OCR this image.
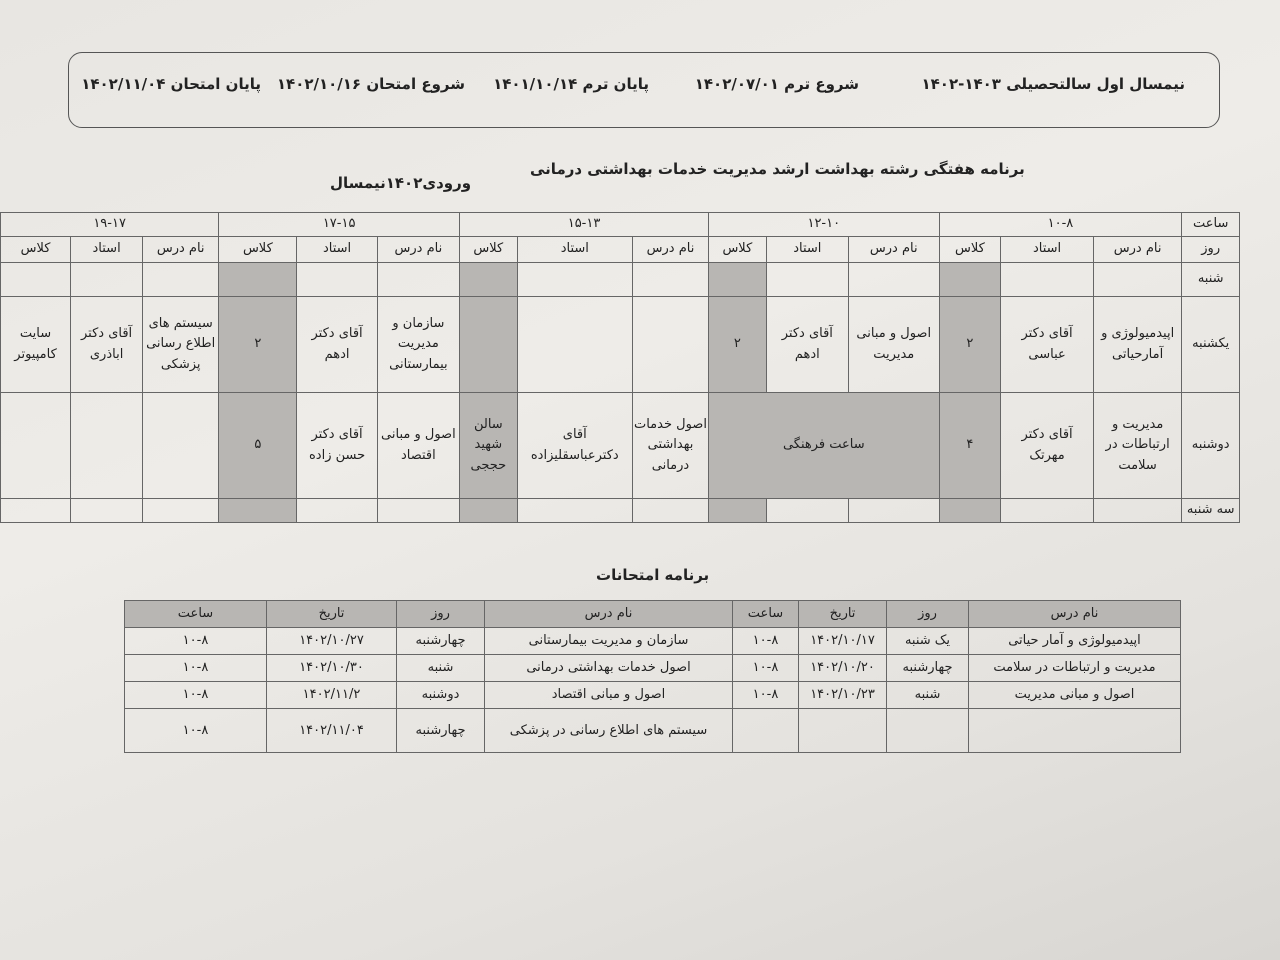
نیمسال اول سالتحصیلی ۱۴۰۳-۱۴۰۲
شروع ترم ۱۴۰۲/۰۷/۰۱
پایان ترم ۱۴۰۱/۱۰/۱۴
شروع امتحان ۱۴۰۲/۱۰/۱۶
پایان امتحان ۱۴۰۲/۱۱/۰۴
برنامه هفتگی رشته بهداشت ارشد مدیریت خدمات بهداشتی درمانی
ورودی۱۴۰۲نیمسال
ساعت	۱۰-۸			۱۲-۱۰			۱۵-۱۳			۱۷-۱۵			۱۹-۱۷		
روز	نام درس	استاد	کلاس	نام درس	استاد	کلاس	نام درس	استاد	کلاس	نام درس	استاد	کلاس	نام درس	استاد	کلاس
شنبه															
یکشنبه	اپیدمیولوژی و آمارحیاتی	آقای دکتر عباسی	۲	اصول و مبانی مدیریت	آقای دکتر ادهم	۲				سازمان و مدیریت بیمارستانی	آقای دکتر ادهم	۲	سیستم های اطلاع رسانی پزشکی	آقای دکتر اباذری	سایت کامپیوتر
دوشنبه	مدیریت و ارتباطات در سلامت	آقای دکتر مهرتک	۴	ساعت فرهنگی			اصول خدمات بهداشتی درمانی	آقای دکترعباسقلیزاده	سالن شهید حججی	اصول و مبانی اقتصاد	آقای دکتر حسن زاده	۵			
سه شنبه															
برنامه امتحانات
نام درس	روز	تاریخ	ساعت	نام درس	روز	تاریخ	ساعت
اپیدمیولوژی و آمار حیاتی	یک شنبه	۱۴۰۲/۱۰/۱۷	۱۰-۸	سازمان و مدیریت بیمارستانی	چهارشنبه	۱۴۰۲/۱۰/۲۷	۱۰-۸
مدیریت و ارتباطات در سلامت	چهارشنبه	۱۴۰۲/۱۰/۲۰	۱۰-۸	اصول خدمات بهداشتی درمانی	شنبه	۱۴۰۲/۱۰/۳۰	۱۰-۸
اصول و مبانی مدیریت	شنبه	۱۴۰۲/۱۰/۲۳	۱۰-۸	اصول و مبانی اقتصاد	دوشنبه	۱۴۰۲/۱۱/۲	۱۰-۸
				سیستم های اطلاع رسانی در پزشکی	چهارشنبه	۱۴۰۲/۱۱/۰۴	۱۰-۸
